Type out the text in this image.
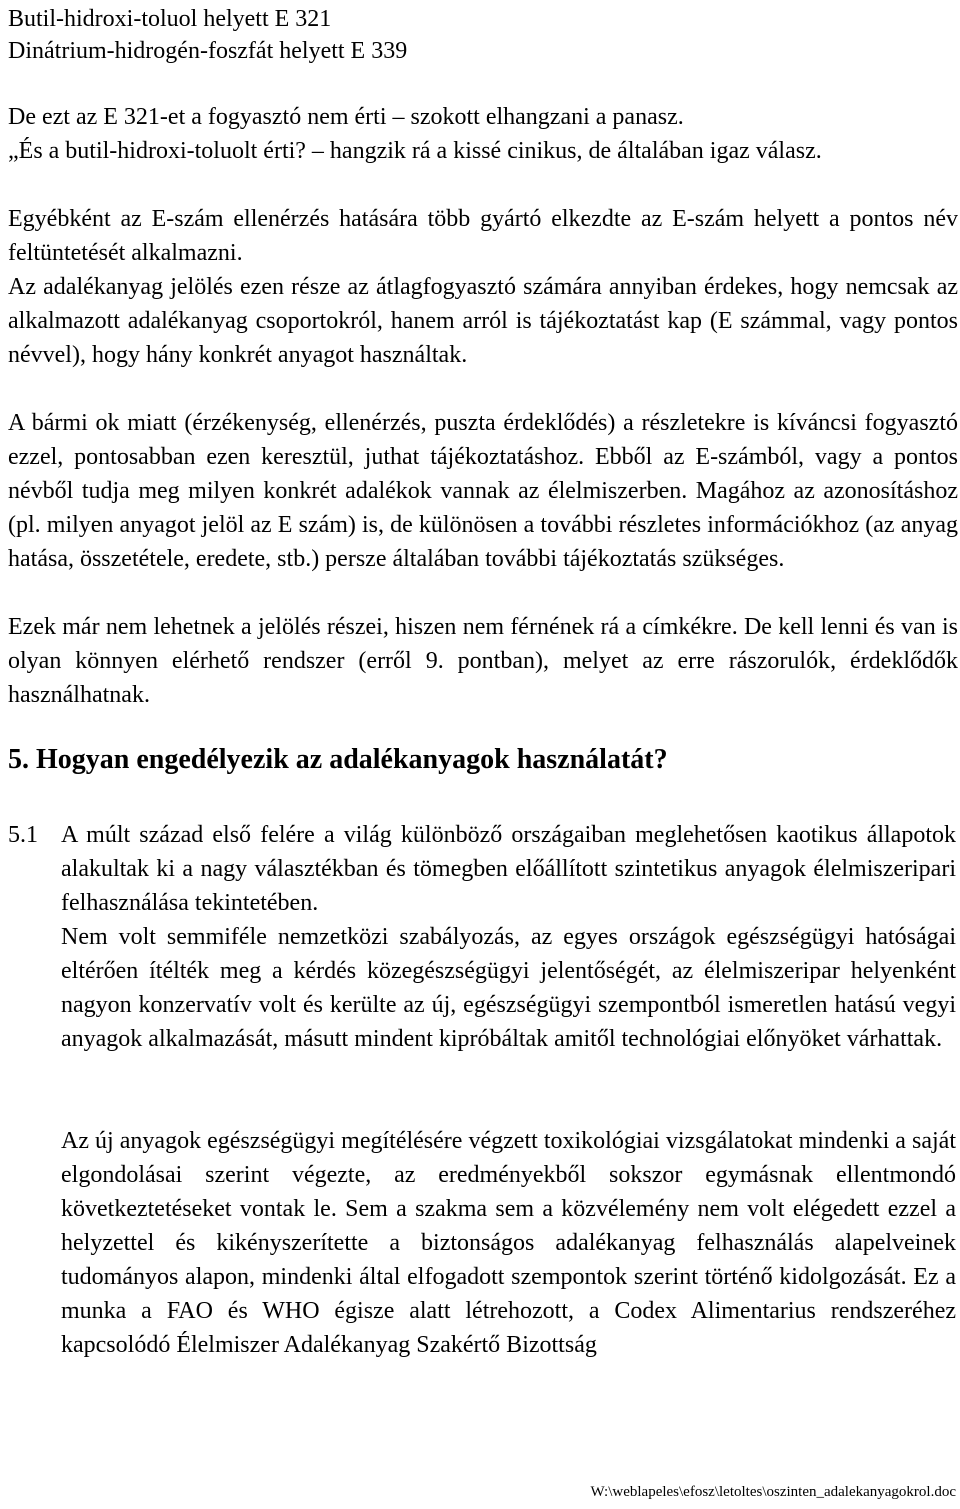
Butil-hidroxi-toluol helyett E 321

Dinátrium-hidrogén-foszfát helyett E 339

De ezt az E 321-et a fogyasztó nem érti – szokott elhangzani a panasz.

„És a butil-hidroxi-toluolt érti? – hangzik rá a kissé cinikus, de általában igaz válasz.

Egyébként az E-szám ellenérzés hatására több gyártó elkezdte az E-szám helyett a pontos név feltüntetését alkalmazni.

Az adalékanyag jelölés ezen része az átlagfogyasztó számára annyiban érdekes, hogy nemcsak az alkalmazott adalékanyag csoportokról, hanem arról is tájékoztatást kap (E számmal, vagy pontos névvel), hogy hány konkrét anyagot használtak.

A bármi ok miatt (érzékenység, ellenérzés, puszta érdeklődés) a részletekre is kíváncsi fogyasztó ezzel, pontosabban ezen keresztül, juthat tájékoztatáshoz. Ebből az E-számból, vagy a pontos névből tudja meg milyen konkrét adalékok vannak az élelmiszerben. Magához az azonosításhoz (pl. milyen anyagot jelöl az E szám) is, de különösen a további részletes információkhoz (az anyag hatása, összetétele, eredete, stb.) persze általában további tájékoztatás szükséges.

Ezek már nem lehetnek a jelölés részei, hiszen nem férnének rá a címkékre. De kell lenni és van is olyan könnyen elérhető rendszer (erről 9. pontban), melyet az erre rászorulók, érdeklődők használhatnak.

5. Hogyan engedélyezik az adalékanyagok használatát?
5.1 A múlt század első felére a világ különböző országaiban meglehetősen kaotikus állapotok alakultak ki a nagy választékban és tömegben előállított szintetikus anyagok élelmiszeripari felhasználása tekintetében.

Nem volt semmiféle nemzetközi szabályozás, az egyes országok egészségügyi hatóságai eltérően ítélték meg a kérdés közegészségügyi jelentőségét, az élelmiszeripar helyenként nagyon konzervatív volt és kerülte az új, egészségügyi szempontból ismeretlen hatású vegyi anyagok alkalmazását, másutt mindent kipróbáltak amitől technológiai előnyöket várhattak.

Az új anyagok egészségügyi megítélésére végzett toxikológiai vizsgálatokat mindenki a saját elgondolásai szerint végezte, az eredményekből sokszor egymásnak ellentmondó következtetéseket vontak le. Sem a szakma sem a közvélemény nem volt elégedett ezzel a helyzettel és kikényszerítette a biztonságos adalékanyag felhasználás alapelveinek tudományos alapon, mindenki által elfogadott szempontok szerint történő kidolgozását. Ez a munka a FAO és WHO égisze alatt létrehozott, a Codex Alimentarius rendszeréhez kapcsolódó Élelmiszer Adalékanyag Szakértő Bizottság

W:\weblapeles\efosz\letoltes\oszinten_adalekanyagokrol.doc
